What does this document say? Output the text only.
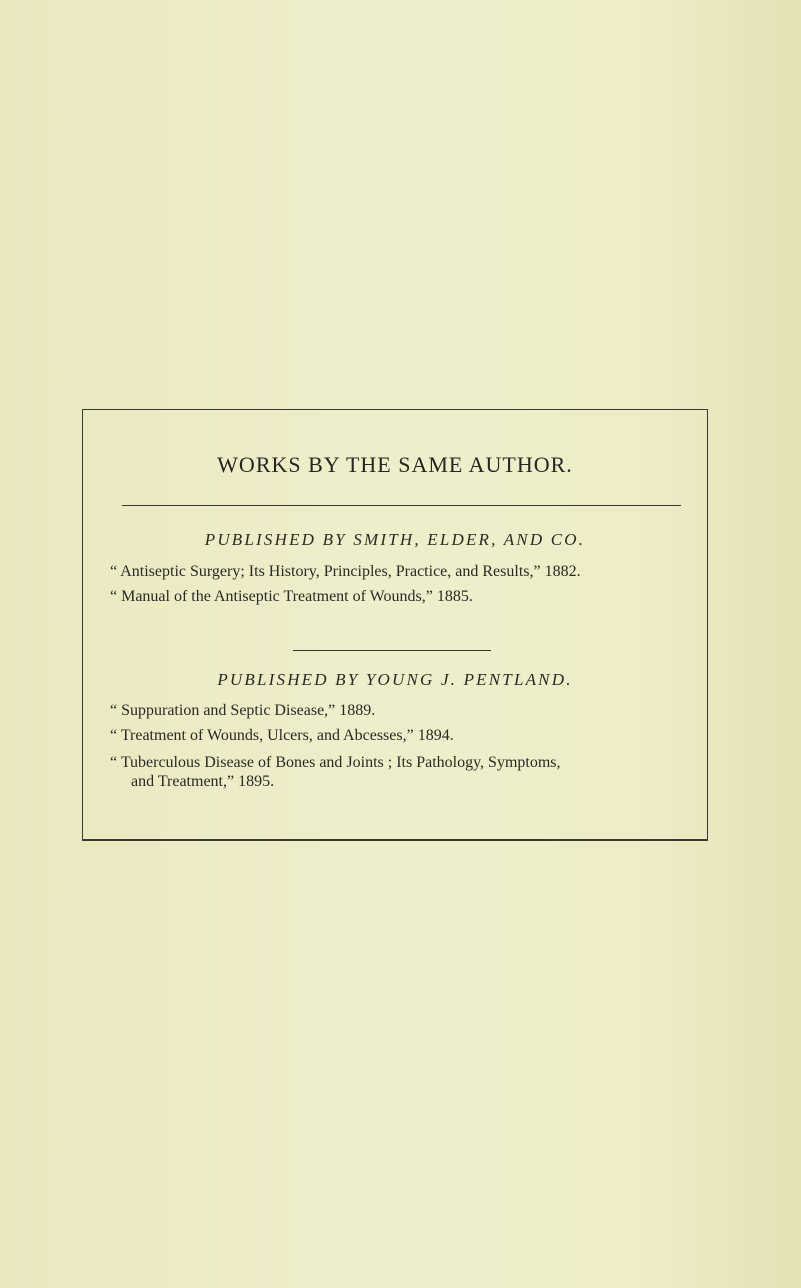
WORKS BY THE SAME AUTHOR.
PUBLISHED BY SMITH, ELDER, AND CO.
“ Antiseptic Surgery; Its History, Principles, Practice, and Results,” 1882.
“ Manual of the Antiseptic Treatment of Wounds,” 1885.
PUBLISHED BY YOUNG J. PENTLAND.
“ Suppuration and Septic Disease,” 1889.
“ Treatment of Wounds, Ulcers, and Abcesses,” 1894.
“ Tuberculous Disease of Bones and Joints ; Its Pathology, Symptoms,
and Treatment,” 1895.
